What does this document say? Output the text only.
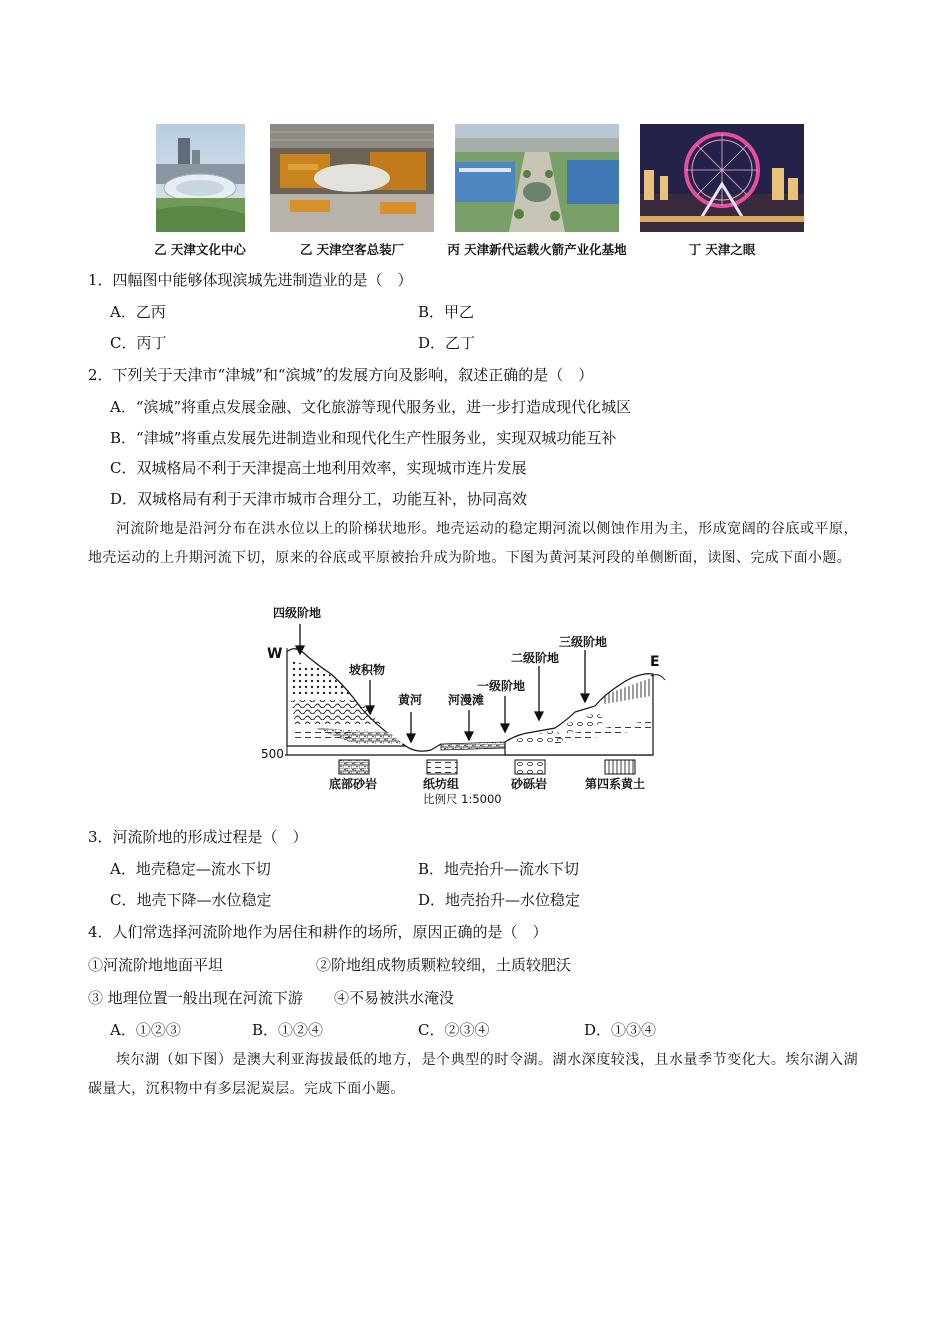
乙 天津文化中心	乙 天津空客总装厂	丙 天津新代运载火箭产业化基地	丁 天津之眼
1．四幅图中能够体现滨城先进制造业的是（　）
A．乙丙	B．甲乙
C．丙丁	D．乙丁
2．下列关于天津市“津城”和“滨城”的发展方向及影响，叙述正确的是（　）
A．“滨城”将重点发展金融、文化旅游等现代服务业，进一步打造成现代化城区
B．“津城”将重点发展先进制造业和现代化生产性服务业，实现双城功能互补
C．双城格局不利于天津提高土地利用效率，实现城市连片发展
D．双城格局有利于天津市城市合理分工，功能互补，协同高效
河流阶地是沿河分布在洪水位以上的阶梯状地形。地壳运动的稳定期河流以侧蚀作用为主，形成宽阔的谷底或平原，地壳运动的上升期河流下切，原来的谷底或平原被抬升成为阶地。下图为黄河某河段的单侧断面，读图、完成下面小题。
四级阶地
W	E
坡积物
黄河 河漫滩
一级阶地
二级阶地
三级阶地
500
底部砂岩	纸坊组	砂砾岩	第四系黄土
比例尺 1:5000
3．河流阶地的形成过程是（　）
A．地壳稳定—流水下切	B．地壳抬升—流水下切
C．地壳下降—水位稳定	D．地壳抬升—水位稳定
4．人们常选择河流阶地作为居住和耕作的场所，原因正确的是（　）
①河流阶地地面平坦	②阶地组成物质颗粒较细，土质较肥沃
③ 地理位置一般出现在河流下游 ④不易被洪水淹没
A．①②③	B．①②④	C．②③④	D．①③④
埃尔湖（如下图）是澳大利亚海拔最低的地方，是个典型的时令湖。湖水深度较浅，且水量季节变化大。埃尔湖入湖碳量大，沉积物中有多层泥炭层。完成下面小题。
